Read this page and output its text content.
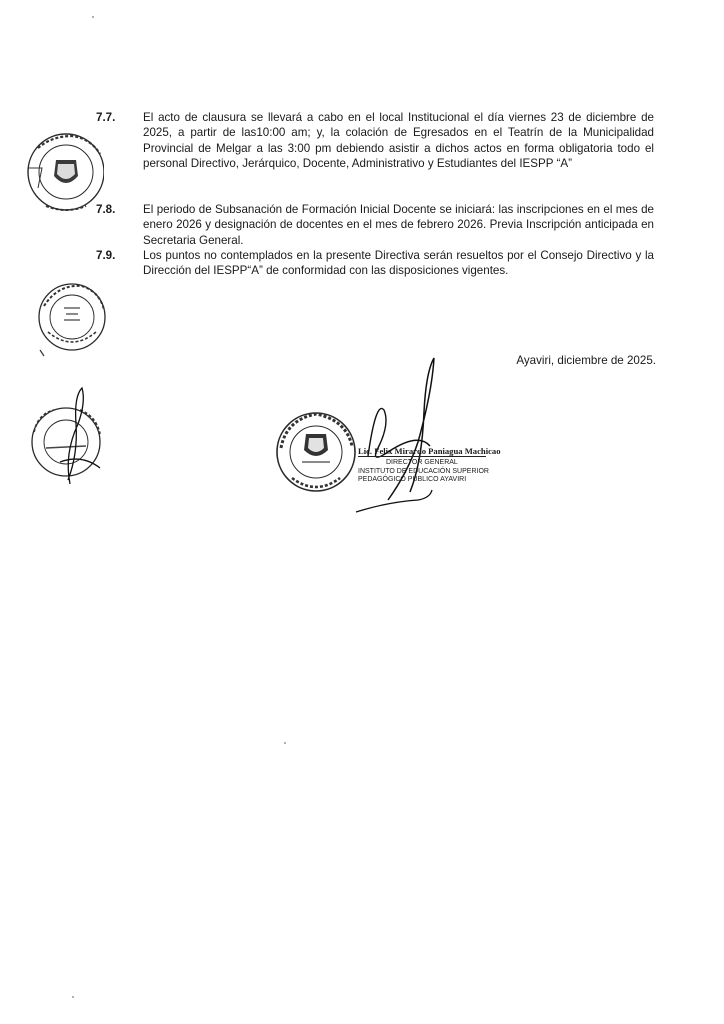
7.7.	El acto de clausura se llevará a cabo en el local Institucional el día viernes 23 de diciembre de 2025, a partir de las10:00 am; y, la colación de Egresados en el Teatrín de la Municipalidad Provincial de Melgar a las 3:00 pm debiendo asistir a dichos actos en forma obligatoria todo el personal Directivo, Jerárquico, Docente, Administrativo y Estudiantes del IESPP “A”
7.8.	El periodo de Subsanación de Formación Inicial Docente se iniciará: las inscripciones en el mes de enero 2026 y designación de docentes en el mes de febrero 2026. Previa Inscripción anticipada en Secretaria General.
7.9.	Los puntos no contemplados en la presente Directiva serán resueltos por el Consejo Directivo y la Dirección del IESPP“A” de conformidad con las disposiciones vigentes.
Ayaviri, diciembre de 2025.
Lic. Felix Mirardo Paniagua Machicao
DIRECTOR GENERAL
INSTITUTO DE EDUCACIÓN SUPERIOR
PEDAGÓGICO PÚBLICO AYAVIRI
